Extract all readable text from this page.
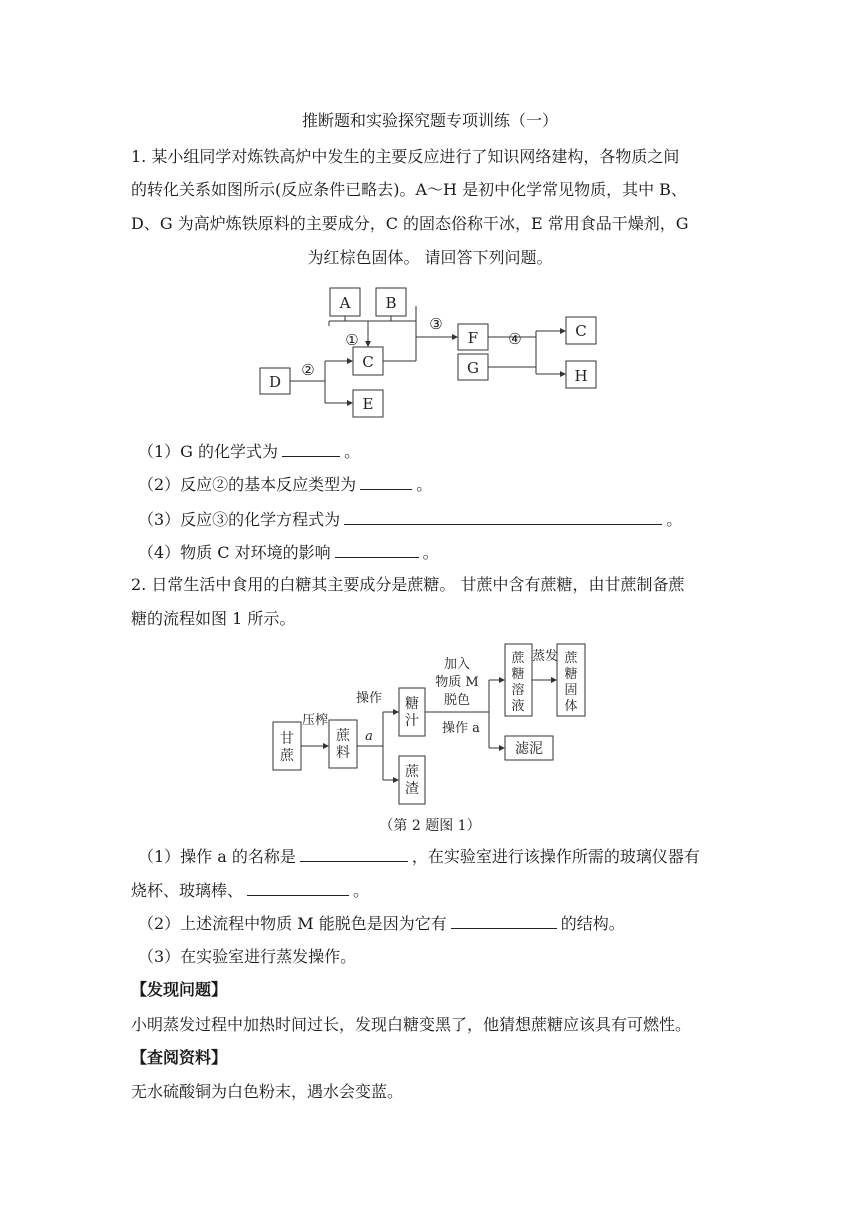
推断题和实验探究题专项训练（一）
1. 某小组同学对炼铁高炉中发生的主要反应进行了知识网络建构，各物质之间
的转化关系如图所示(反应条件已略去)。A～H 是初中化学常见物质，其中 B、
D、G 为高炉炼铁原料的主要成分，C 的固态俗称干冰，E 常用食品干燥剂，G
为红棕色固体。 请回答下列问题。
A B
C
D
E
F
G
C
H
①
②
③
④
（1）G 的化学式为	。
（2）反应②的基本反应类型为	。
（3）反应③的化学方程式为	。
（4）物质 C 对环境的影响	。
2. 日常生活中食用的白糖其主要成分是蔗糖。 甘蔗中含有蔗糖，由甘蔗制备蔗
糖的流程如图 1 所示。
甘蔗
蔗料
糖汁
蔗渣
蔗糖溶液
蔗糖固体
滤泥
压榨
操作
a
加入
物质 M
脱色
操作 a
蒸发
（第 2 题图 1）
（1）操作 a 的名称是	，在实验室进行该操作所需的玻璃仪器有
烧杯、玻璃棒、	。
（2）上述流程中物质 M 能脱色是因为它有	的结构。
（3）在实验室进行蒸发操作。
【发现问题】
小明蒸发过程中加热时间过长，发现白糖变黑了，他猜想蔗糖应该具有可燃性。
【查阅资料】
无水硫酸铜为白色粉末，遇水会变蓝。
